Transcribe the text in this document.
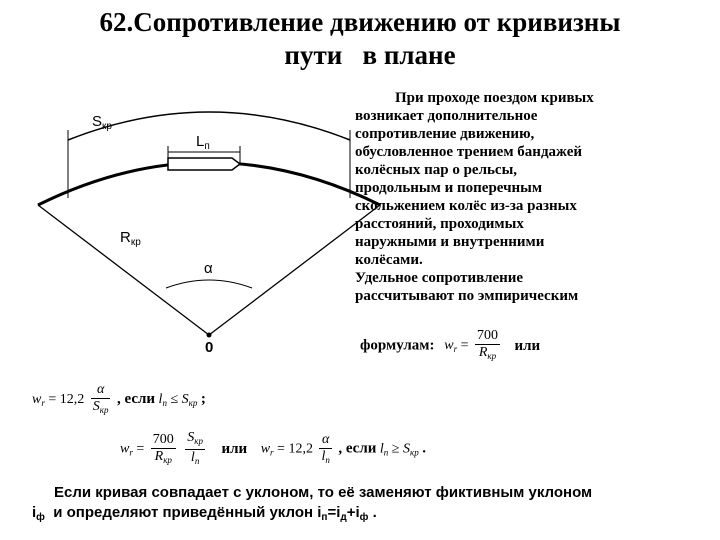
62.Сопротивление движению от кривизны
пути   в плане
$S_{кр}$
$L_п$
$R_{кр}$
α
0

При проходе поездом кривых

возникает дополнительное

сопротивление движению,

обусловленное трением бандажей

колёсных пар о рельсы,

продольным и поперечным

скольжением колёс из-за разных

расстояний, проходимых

наружными и внутренними

колёсами.

Удельное сопротивление

рассчитывают по эмпирическим

формулам: $w_r = \frac{700}{R_{кр}}$ или
$w_r = 12,2 \frac{\alpha}{S_{кр}}$ , если $l_п \le S_{кр}$ ;
$w_r = \frac{700}{R_{кр}}$
$\frac{S_{кр}}{l_п}$ или $w_r = 12,2 \frac{\alpha}{l_п}$ , если $l_п \ge S_{кр}$ .
Если кривая совпадает с уклоном, то её заменяют фиктивным уклоном
$i_ф$  и определяют приведённый уклон $i_п=i_д+i_ф$ .
